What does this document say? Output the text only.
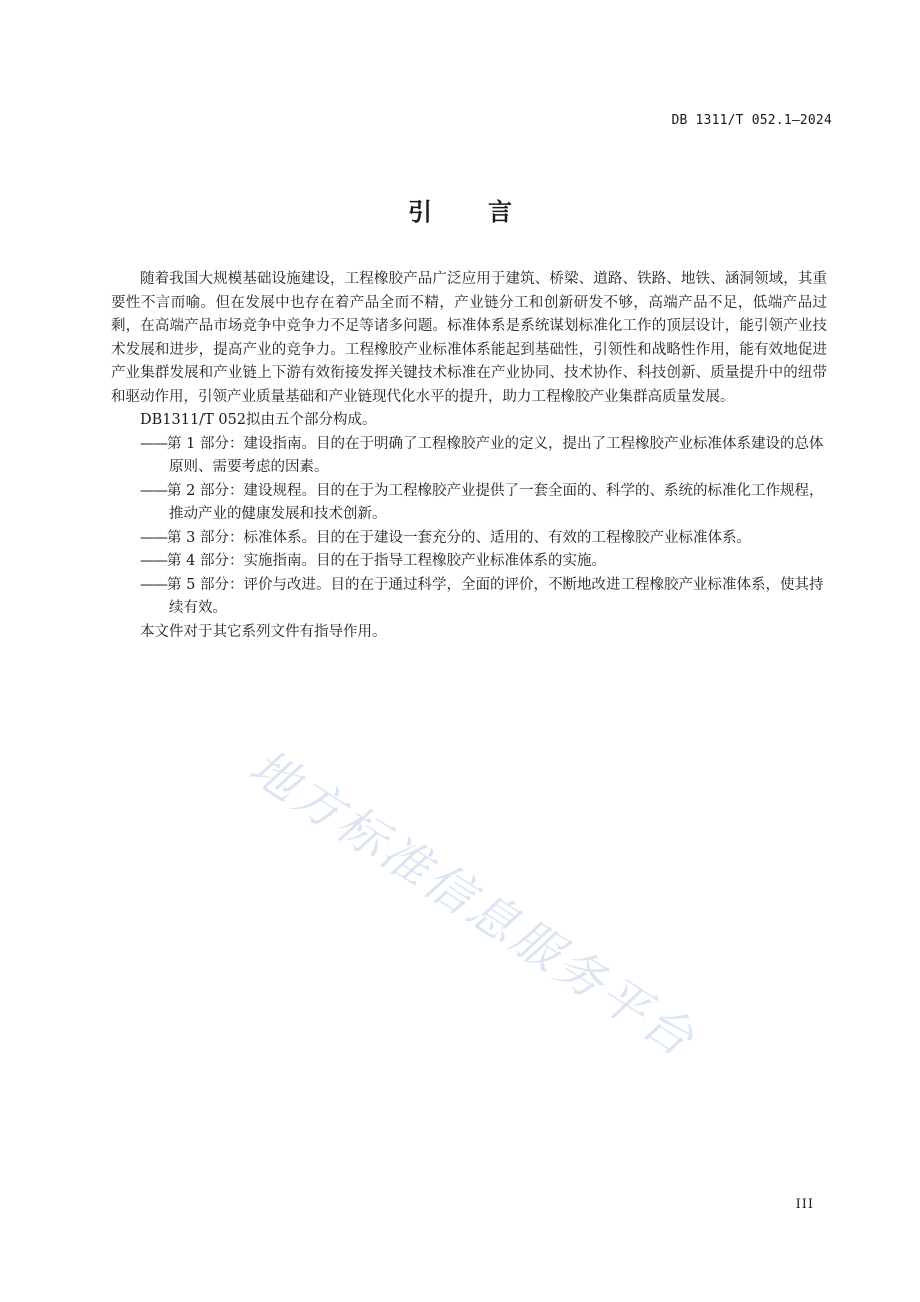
DB 1311/T 052.1—2024
引言

随着我国大规模基础设施建设，工程橡胶产品广泛应用于建筑、桥梁、道路、铁路、地铁、涵洞领域，其重要性不言而喻。但在发展中也存在着产品全而不精，产业链分工和创新研发不够，高端产品不足，低端产品过剩，在高端产品市场竞争中竞争力不足等诸多问题。标准体系是系统谋划标准化工作的顶层设计，能引领产业技术发展和进步，提高产业的竞争力。工程橡胶产业标准体系能起到基础性，引领性和战略性作用，能有效地促进产业集群发展和产业链上下游有效衔接发挥关键技术标准在产业协同、技术协作、科技创新、质量提升中的纽带和驱动作用，引领产业质量基础和产业链现代化水平的提升，助力工程橡胶产业集群高质量发展。

DB1311/T 052拟由五个部分构成。

——第 1 部分：建设指南。目的在于明确了工程橡胶产业的定义，提出了工程橡胶产业标准体系建设的总体原则、需要考虑的因素。
——第 2 部分：建设规程。目的在于为工程橡胶产业提供了一套全面的、科学的、系统的标准化工作规程，推动产业的健康发展和技术创新。
——第 3 部分：标准体系。目的在于建设一套充分的、适用的、有效的工程橡胶产业标准体系。
——第 4 部分：实施指南。目的在于指导工程橡胶产业标准体系的实施。
——第 5 部分：评价与改进。目的在于通过科学，全面的评价，不断地改进工程橡胶产业标准体系，使其持续有效。

本文件对于其它系列文件有指导作用。

地方标准信息服务平台
III
